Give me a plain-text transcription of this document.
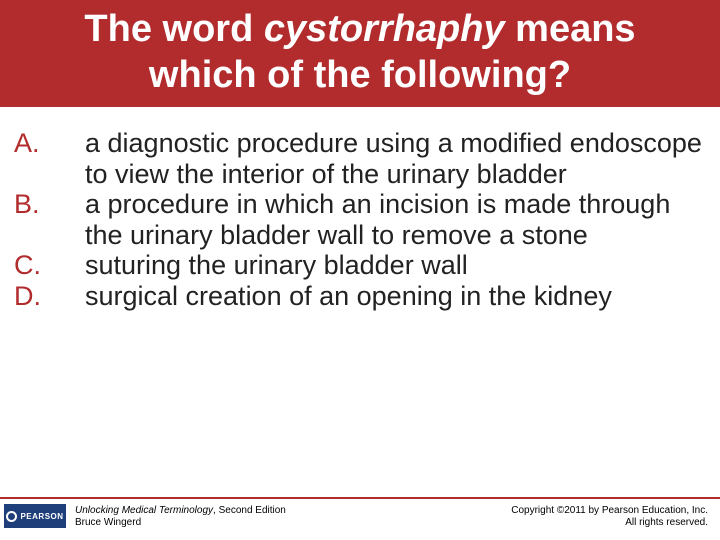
The word cystorrhaphy means
which of the following?
A. a diagnostic procedure using a modified endoscope to view the interior of the urinary bladder
B. a procedure in which an incision is made through the urinary bladder wall to remove a stone
C. suturing the urinary bladder wall
D. surgical creation of an opening in the kidney
PEARSON Unlocking Medical Terminology, Second Edition
Bruce Wingerd
Copyright ©2011 by Pearson Education, Inc.
All rights reserved.
